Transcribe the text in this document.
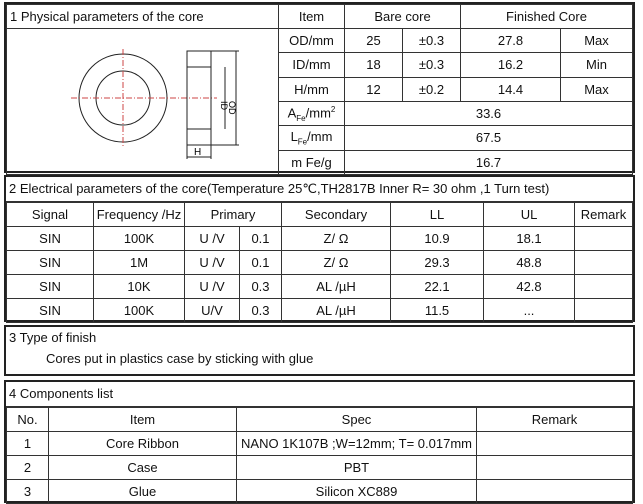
1 Physical parameters of the core	Item	Bare core		Finished Core	

ID
OD
H	OD/mm	25	±0.3	27.8	Max
	ID/mm	18	±0.3	16.2	Min
	H/mm	12	±0.2	14.4	Max
	$A_{Fe}/mm^2$	33.6			
	$L_{Fe}/mm$	67.5			
	m Fe/g	16.7			
2 Electrical parameters of the core(Temperature 25℃,TH2817B Inner R= 30 ohm ,1 Turn test)
Signal	Frequency /Hz	Primary		Secondary	LL	UL	Remark
SIN	100K	U /V	0.1	Z/ Ω	10.9	18.1	
SIN	1M	U /V	0.1	Z/ Ω	29.3	48.8	
SIN	10K	U /V	0.3	AL /µH	22.1	42.8	
SIN	100K	U/V	0.3	AL /µH	11.5	...	
3 Type of finish
Cores put in plastics case by sticking with glue
4 Components list
No.	Item	Spec	Remark
1	Core Ribbon	NANO 1K107B ;W=12mm; T= 0.017mm	
2	Case	PBT	
3	Glue	Silicon XC889	
